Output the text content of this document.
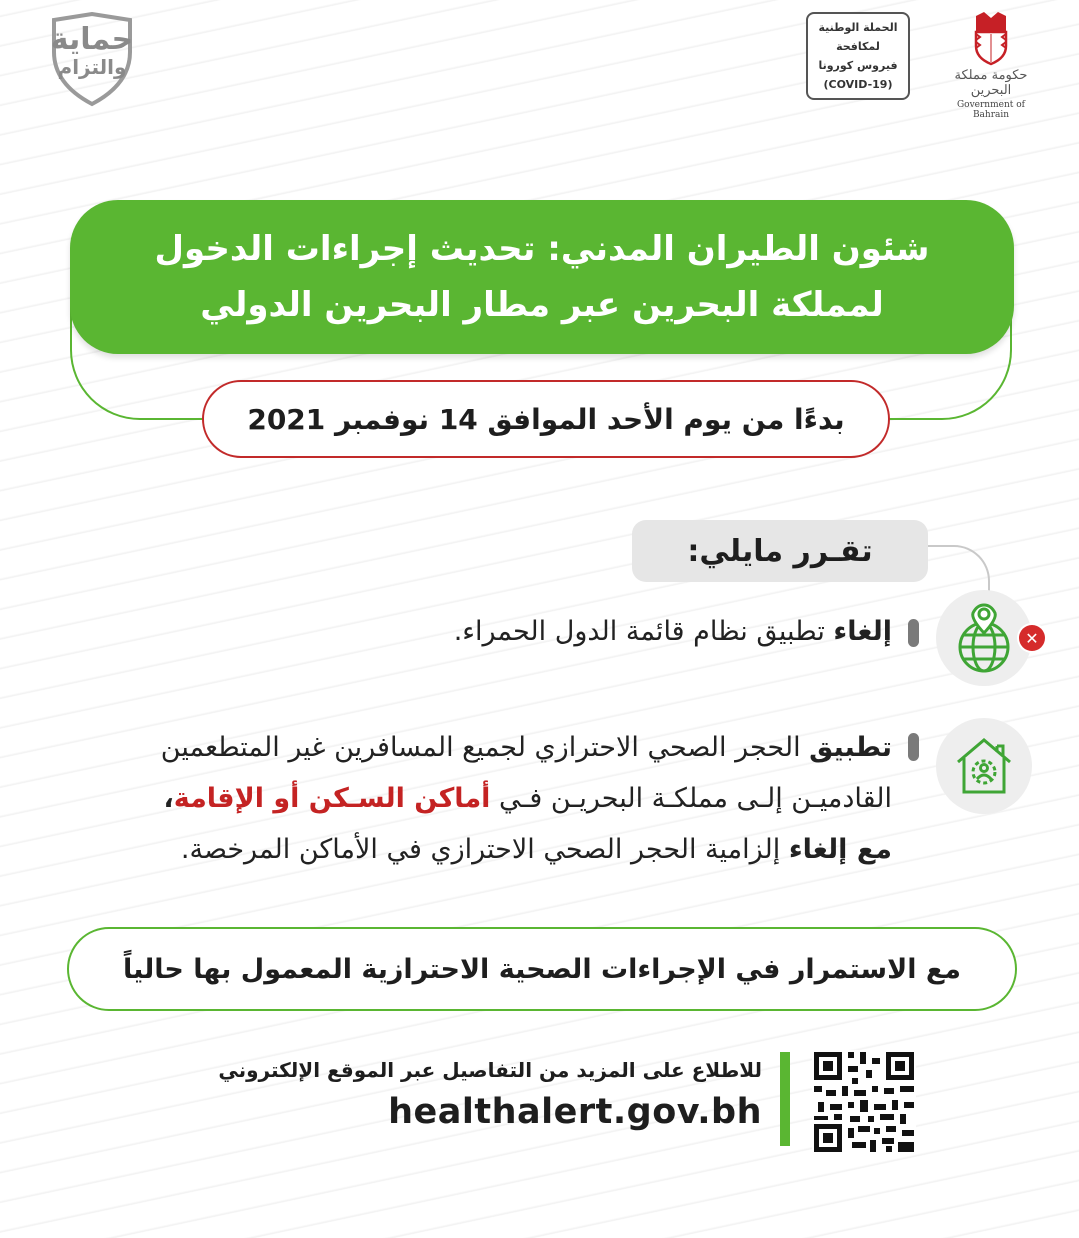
حماية
والتزام
الحملة الوطنية
لمكافحة
فيروس كورونا
(COVID-19)
حكومة مملكة البحرين
Government of Bahrain
شئون الطيران المدني: تحديث إجراءات الدخول
لمملكة البحرين عبر مطار البحرين الدولي
بدءًا من يوم الأحد الموافق 14 نوفمبر 2021
تقـرر مايلي:
✕
إلغاء تطبيق نظام قائمة الدول الحمراء.
تطبيق الحجر الصحي الاحترازي لجميع المسافرين غير المتطعمين
القادميـن إلـى مملكـة البحريـن فـي أماكن السـكن أو الإقامة،
مع إلغاء إلزامية الحجر الصحي الاحترازي في الأماكن المرخصة.
مع الاستمرار في الإجراءات الصحية الاحترازية المعمول بها حالياً
للاطلاع على المزيد من التفاصيل عبر الموقع الإلكتروني
healthalert.gov.bh
